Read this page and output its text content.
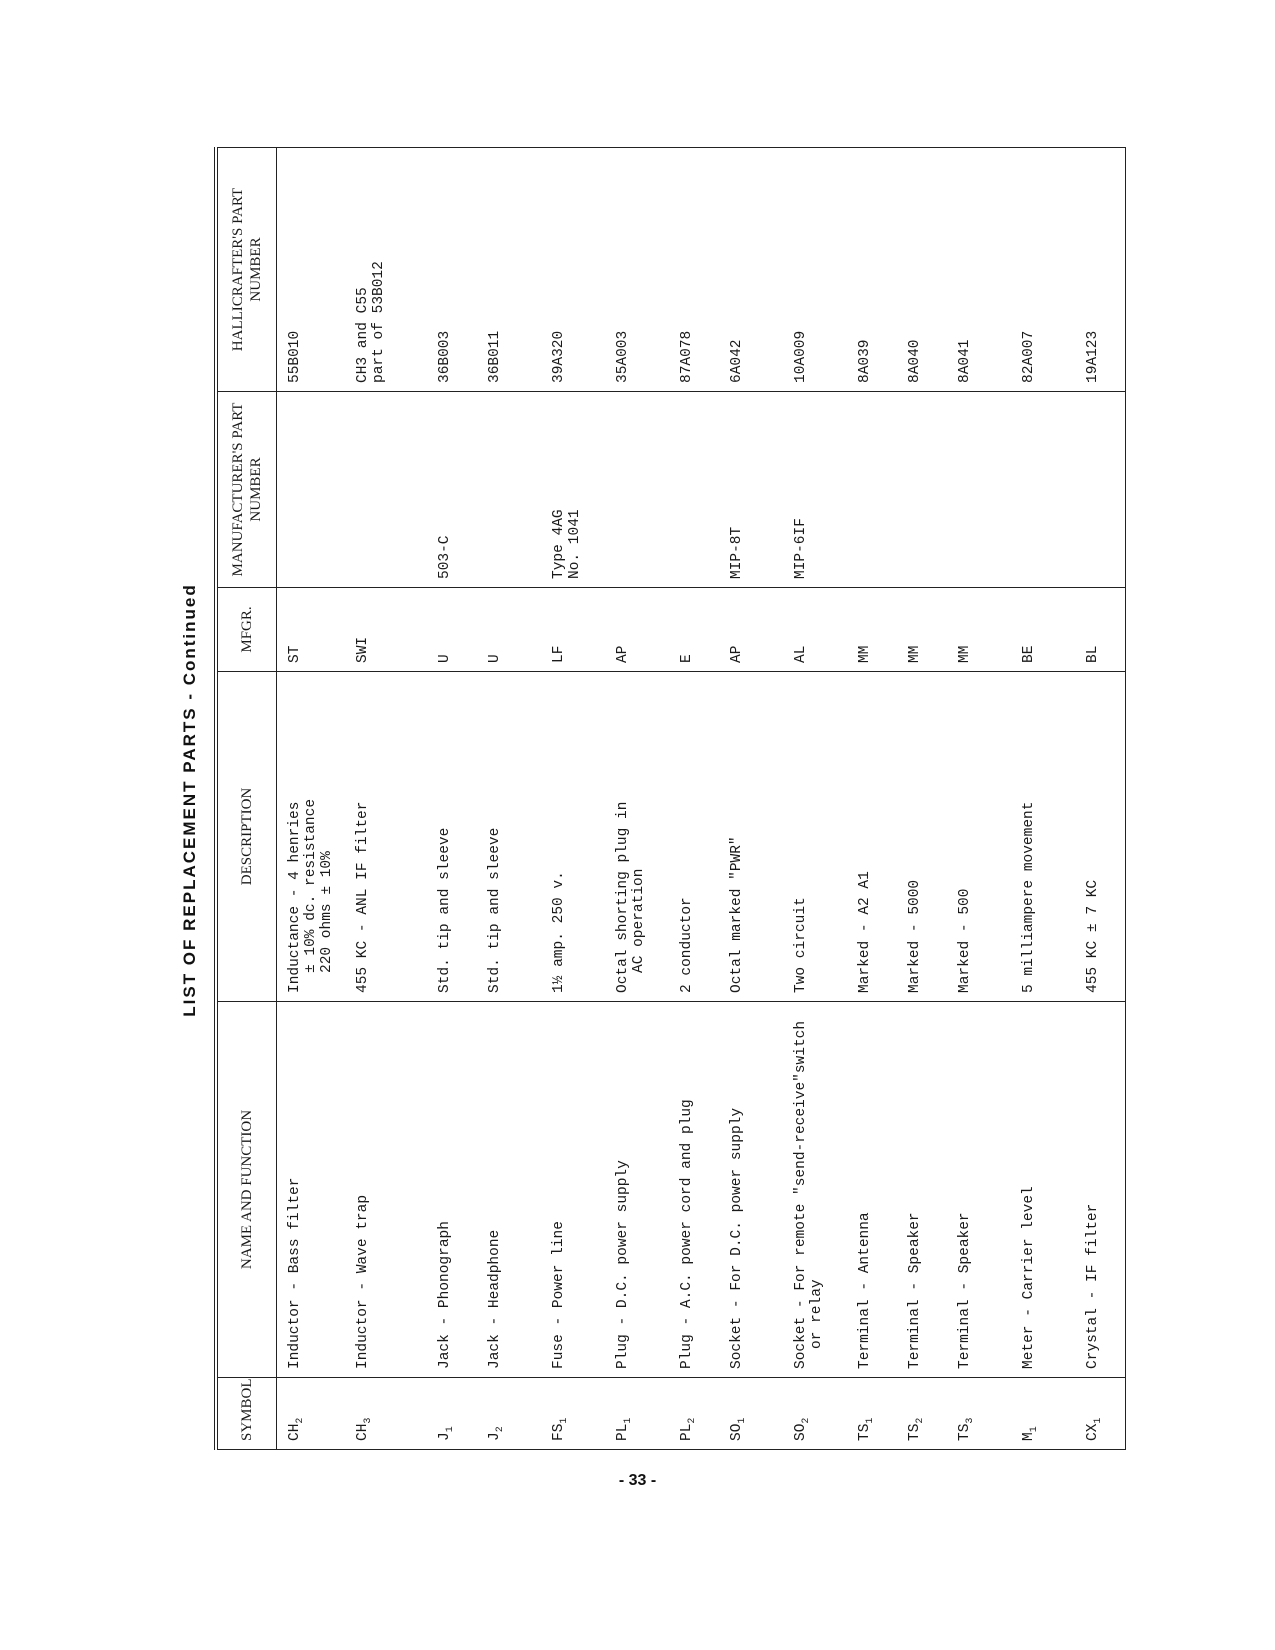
LIST OF REPLACEMENT PARTS - Continued
SYMBOL	NAME AND FUNCTION	DESCRIPTION	MFGR.	MANUFACTURER'S PART NUMBER	HALLICRAFTER'S PART NUMBER
$CH_2$	Inductor - Bass filter	Inductance - 4 henries ± 10% dc. resistance 220 ohms ± 10%	ST		55B010

$CH_3$	Inductor - Wave trap	455 KC - ANL IF filter	SWI		CH3 and C55 part of 53B012

$J_1$	Jack - Phonograph	Std. tip and sleeve	U	503-C	36B003

$J_2$	Jack - Headphone	Std. tip and sleeve	U		36B011

$FS_1$	Fuse - Power line	1½ amp. 250 v.	LF	Type 4AG No. 1041	39A320

$PL_1$	Plug - D.C. power supply	Octal shorting plug in AC operation	AP		35A003

$PL_2$	Plug - A.C. power cord and plug	2 conductor	E		87A078

$SO_1$	Socket - For D.C. power supply	Octal marked "PWR"	AP	MIP-8T	6A042

$SO_2$	Socket - For remote "send-receive"switch or relay	Two circuit	AL	MIP-6IF	10A009

$TS_1$	Terminal - Antenna	Marked - A2 A1	MM		8A039

$TS_2$	Terminal - Speaker	Marked - 5000	MM		8A040

$TS_3$	Terminal - Speaker	Marked - 500	MM		8A041

$M_1$	Meter - Carrier level	5 milliampere movement	BE		82A007

$CX_1$	Crystal - IF filter	455 KC ± 7 KC	BL		19A123
- 33 -
